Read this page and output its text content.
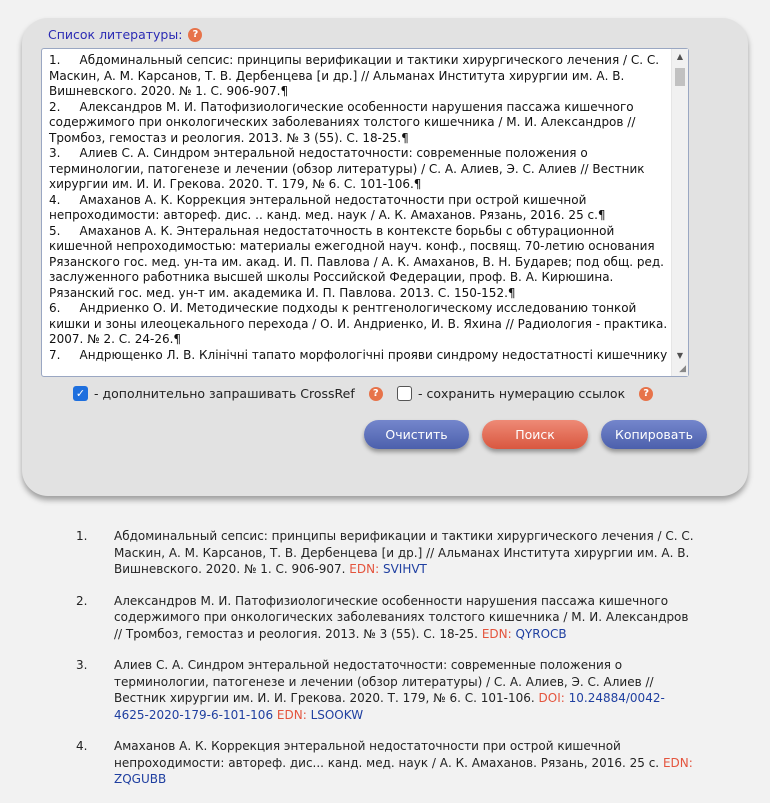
Список литературы:	?
1.	Абдоминальный сепсис: принципы верификации и тактики хирургического лечения / С. С. Маскин, А. М. Карсанов, Т. В. Дербенцева [и др.] // Альманах Института хирургии им. А. В. Вишневского. 2020. № 1. С. 906-907.¶
2.	Александров М. И. Патофизиологические особенности нарушения пассажа кишечного содержимого при онкологических заболеваниях толстого кишечника / М. И. Александров // Тромбоз, гемостаз и реология. 2013. № 3 (55). С. 18-25.¶
3.	Алиев С. А. Синдром энтеральной недостаточности: современные положения о терминологии, патогенезе и лечении (обзор литературы) / С. А. Алиев, Э. С. Алиев // Вестник хирургии им. И. И. Грекова. 2020. Т. 179, № 6. С. 101-106.¶
4.	Амаханов А. К. Коррекция энтеральной недостаточности при острой кишечной непроходимости: автореф. дис. .. канд. мед. наук / А. К. Амаханов. Рязань, 2016. 25 с.¶
5.	Амаханов А. К. Энтеральная недостаточность в контексте борьбы с обтурационной кишечной непроходимостью: материалы ежегодной науч. конф., посвящ. 70-летию основания Рязанского гос. мед. ун-та им. акад. И. П. Павлова / А. К. Амаханов, В. Н. Бударев; под общ. ред. заслуженного работника высшей школы Российской Федерации, проф. В. А. Кирюшина. Рязанский гос. мед. ун-т им. академика И. П. Павлова. 2013. С. 150-152.¶
6.	Андриенко О. И. Методические подходы к рентгенологическому исследованию тонкой кишки и зоны илеоцекального перехода / О. И. Андриенко, И. В. Яхина // Радиология - практика. 2007. № 2. С. 24-26.¶
7.	Андрющенко Л. В. Клінічні тапато морфологічні прояви синдрому недостатності кишечнику
▲
▼
◢
✓ - дополнительно запрашивать CrossRef	?	- сохранить нумерацию ссылок	?
Очистить	Поиск	Копировать
1.	Абдоминальный сепсис: принципы верификации и тактики хирургического лечения / С. С. Маскин, А. М. Карсанов, Т. В. Дербенцева [и др.] // Альманах Института хирургии им. А. В. Вишневского. 2020. № 1. С. 906-907. EDN: SVIHVT
2.	Александров М. И. Патофизиологические особенности нарушения пассажа кишечного содержимого при онкологических заболеваниях толстого кишечника / М. И. Александров // Тромбоз, гемостаз и реология. 2013. № 3 (55). С. 18-25. EDN: QYROCB
3.	Алиев С. А. Синдром энтеральной недостаточности: современные положения о терминологии, патогенезе и лечении (обзор литературы) / С. А. Алиев, Э. С. Алиев // Вестник хирургии им. И. И. Грекова. 2020. Т. 179, № 6. С. 101-106. DOI: 10.24884/0042-4625-2020-179-6-101-106 EDN: LSOOKW
4.	Амаханов А. К. Коррекция энтеральной недостаточности при острой кишечной непроходимости: автореф. дис... канд. мед. наук / А. К. Амаханов. Рязань, 2016. 25 с. EDN: ZQGUBB
